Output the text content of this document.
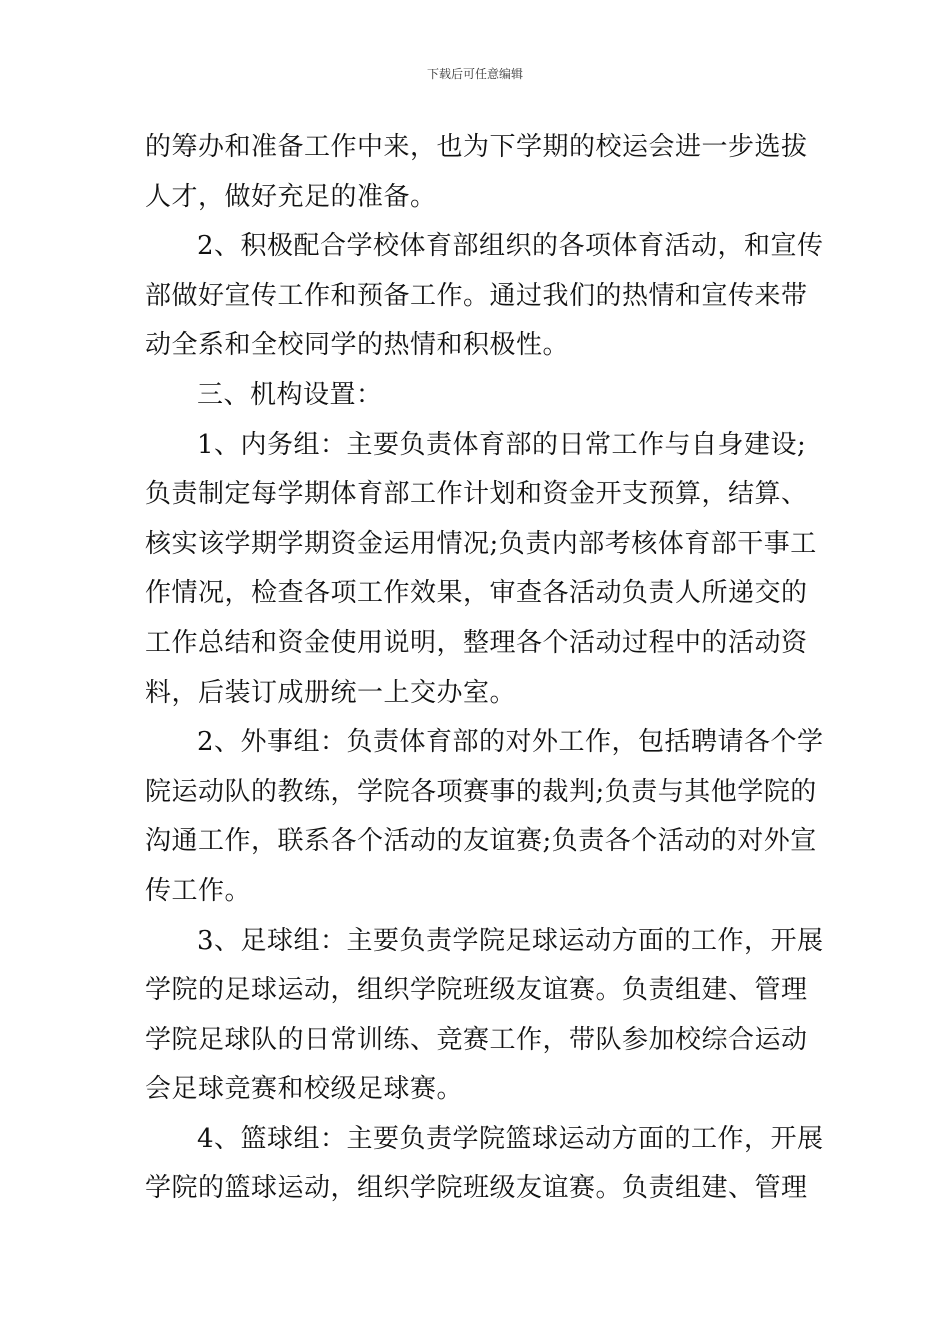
下载后可任意编辑
的筹办和准备工作中来，也为下学期的校运会进一步选拔
人才，做好充足的准备。
2、积极配合学校体育部组织的各项体育活动，和宣传
部做好宣传工作和预备工作。通过我们的热情和宣传来带
动全系和全校同学的热情和积极性。
三、机构设置：
1、内务组：主要负责体育部的日常工作与自身建设;
负责制定每学期体育部工作计划和资金开支预算，结算、
核实该学期学期资金运用情况;负责内部考核体育部干事工
作情况，检查各项工作效果，审查各活动负责人所递交的
工作总结和资金使用说明，整理各个活动过程中的活动资
料，后装订成册统一上交办室。
2、外事组：负责体育部的对外工作，包括聘请各个学
院运动队的教练，学院各项赛事的裁判;负责与其他学院的
沟通工作，联系各个活动的友谊赛;负责各个活动的对外宣
传工作。
3、足球组：主要负责学院足球运动方面的工作，开展
学院的足球运动，组织学院班级友谊赛。负责组建、管理
学院足球队的日常训练、竞赛工作，带队参加校综合运动
会足球竞赛和校级足球赛。
4、篮球组：主要负责学院篮球运动方面的工作，开展
学院的篮球运动，组织学院班级友谊赛。负责组建、管理
